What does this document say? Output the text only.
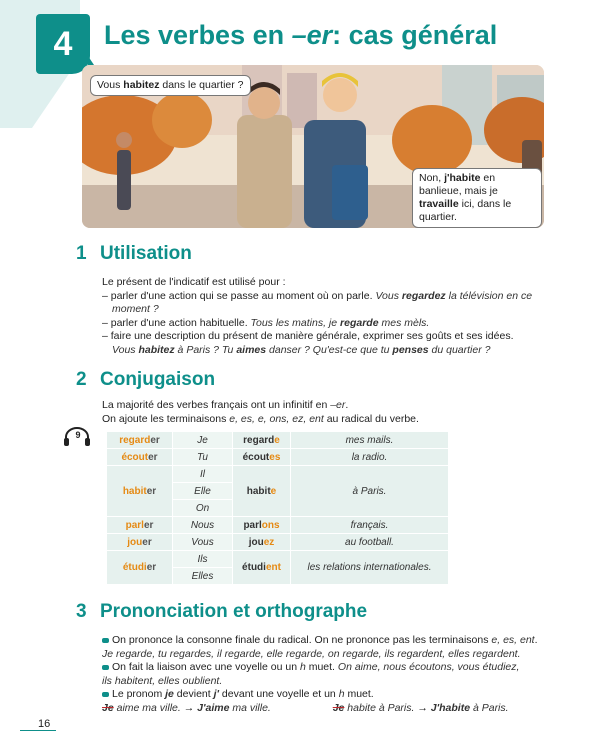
4	Les verbes en –er: cas général
Vous habitez dans le quartier ?
Non, j'habite en banlieue, mais je travaille ici, dans le quartier.
1 Utilisation
Le présent de l'indicatif est utilisé pour :
– parler d'une action qui se passe au moment où on parle. Vous regardez la télévision en ce
moment ?
– parler d'une action habituelle. Tous les matins, je regarde mes mèls.
– faire une description du présent de manière générale, exprimer ses goûts et ses idées.
Vous habitez à Paris ? Tu aimes danser ? Qu'est-ce que tu penses du quartier ?
2 Conjugaison
La majorité des verbes français ont un infinitif en –er.
On ajoute les terminaisons e, es, e, ons, ez, ent au radical du verbe.
9	regarder	Je	regarde	mes mails.
écouter	Tu	écoutes	la radio.
habiter	Il	habite	à Paris.
	Elle		
	On		
parler	Nous	parlons	français.
jouer	Vous	jouez	au football.
étudier	Ils	étudient	les relations internationales.
	Elles		
3 Prononciation et orthographe
On prononce la consonne finale du radical. On ne prononce pas les terminaisons e, es, ent.
Je regarde, tu regardes, il regarde, elle regarde, on regarde, ils regardent, elles regardent.
On fait la liaison avec une voyelle ou un h muet. On aime, nous écoutons, vous étudiez,
ils habitent, elles oublient.
Le pronom je devient j' devant une voyelle et un h muet.
Je aime ma ville. → J'aime ma ville.	Je habite à Paris. → J'habite à Paris.
16
